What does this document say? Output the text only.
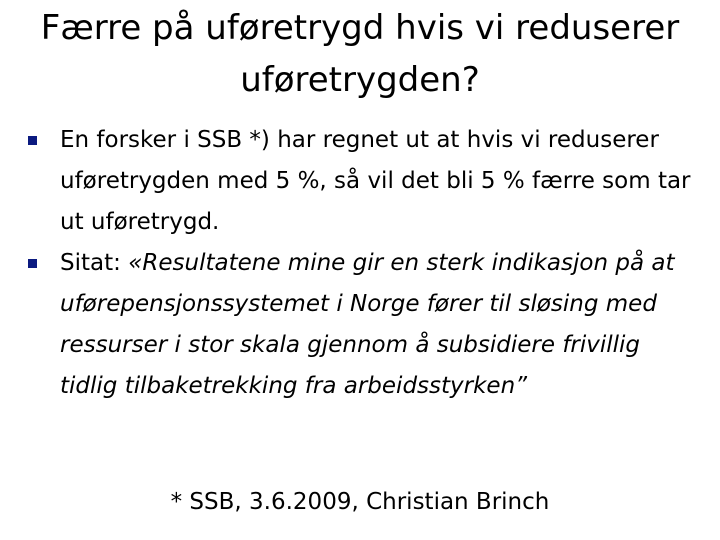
Færre på uføretrygd hvis vi reduserer
uføretrygden?
En forsker i SSB *) har regnet ut at hvis vi reduserer uføretrygden med 5 %, så vil det bli 5 % færre som tar ut uføretrygd.
Sitat: «Resultatene mine gir en sterk indikasjon på at uførepensjonssystemet i Norge fører til sløsing med ressurser i stor skala gjennom å subsidiere frivillig tidlig tilbaketrekking fra arbeidsstyrken”
* SSB, 3.6.2009, Christian Brinch
